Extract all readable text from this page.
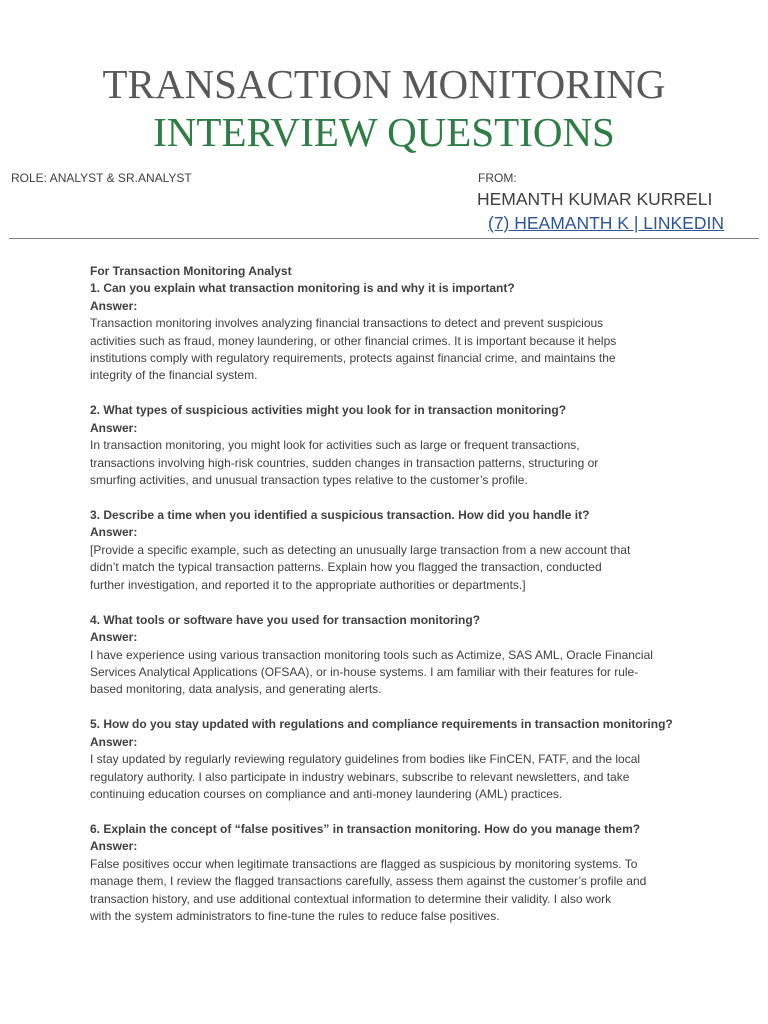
TRANSACTION MONITORING
INTERVIEW QUESTIONS
ROLE: ANALYST & SR.ANALYST	FROM:
HEMANTH KUMAR KURRELI
(7) HEAMANTH K | LINKEDIN

For Transaction Monitoring Analyst

1. Can you explain what transaction monitoring is and why it is important?

Answer:

Transaction monitoring involves analyzing financial transactions to detect and prevent suspicious

activities such as fraud, money laundering, or other financial crimes. It is important because it helps

institutions comply with regulatory requirements, protects against financial crime, and maintains the

integrity of the financial system.

2. What types of suspicious activities might you look for in transaction monitoring?

Answer:

In transaction monitoring, you might look for activities such as large or frequent transactions,

transactions involving high-risk countries, sudden changes in transaction patterns, structuring or

smurfing activities, and unusual transaction types relative to the customer’s profile.

3. Describe a time when you identified a suspicious transaction. How did you handle it?

Answer:

[Provide a specific example, such as detecting an unusually large transaction from a new account that

didn’t match the typical transaction patterns. Explain how you flagged the transaction, conducted

further investigation, and reported it to the appropriate authorities or departments.]

4. What tools or software have you used for transaction monitoring?

Answer:

I have experience using various transaction monitoring tools such as Actimize, SAS AML, Oracle Financial

Services Analytical Applications (OFSAA), or in-house systems. I am familiar with their features for rule-

based monitoring, data analysis, and generating alerts.

5. How do you stay updated with regulations and compliance requirements in transaction monitoring?

Answer:

I stay updated by regularly reviewing regulatory guidelines from bodies like FinCEN, FATF, and the local

regulatory authority. I also participate in industry webinars, subscribe to relevant newsletters, and take

continuing education courses on compliance and anti-money laundering (AML) practices.

6. Explain the concept of “false positives” in transaction monitoring. How do you manage them?

Answer:

False positives occur when legitimate transactions are flagged as suspicious by monitoring systems. To

manage them, I review the flagged transactions carefully, assess them against the customer’s profile and

transaction history, and use additional contextual information to determine their validity. I also work

with the system administrators to fine-tune the rules to reduce false positives.
